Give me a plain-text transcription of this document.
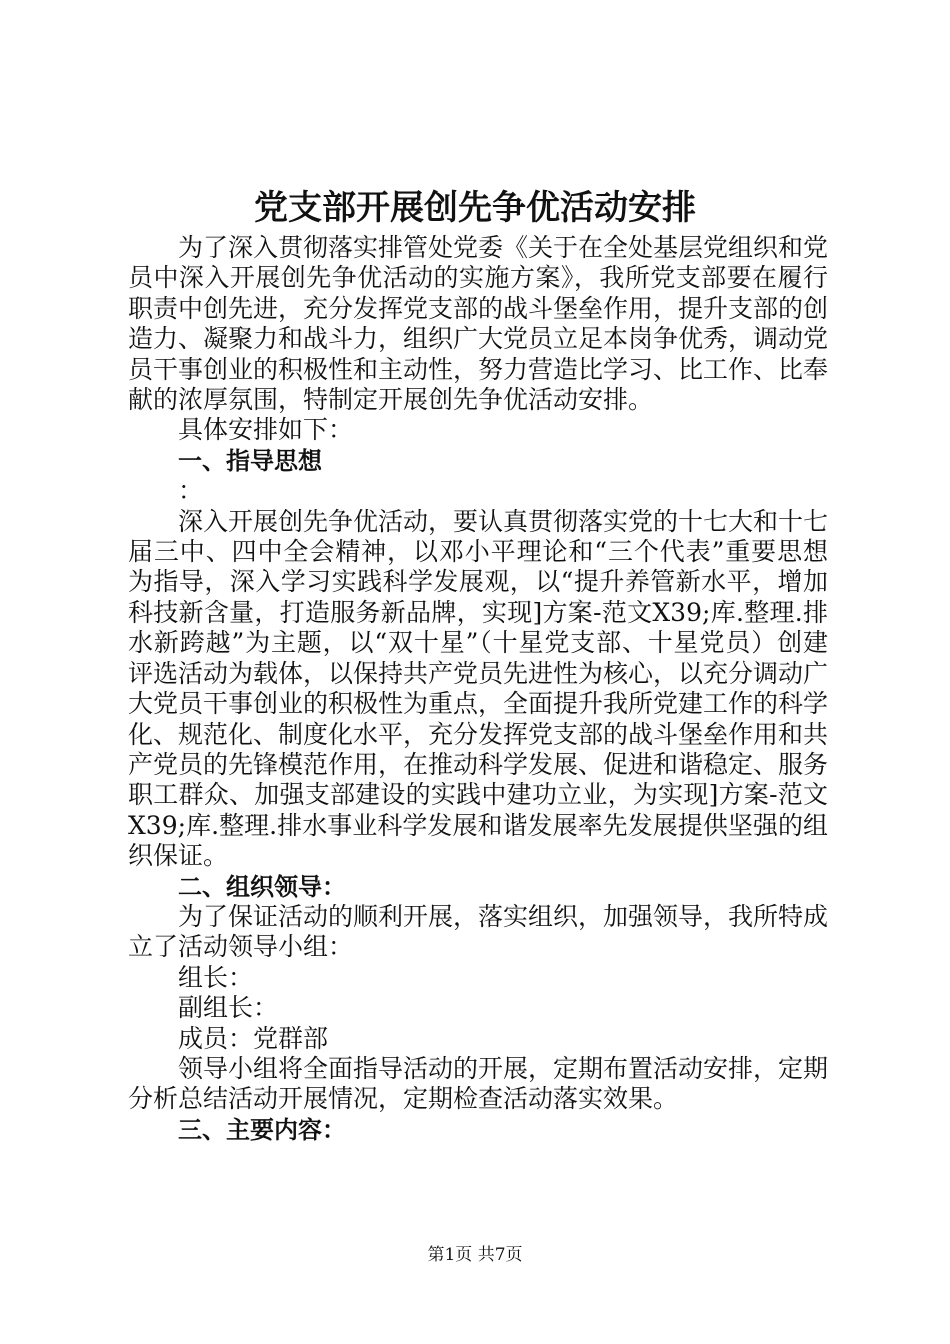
党支部开展创先争优活动安排

为了深入贯彻落实排管处党委《关于在全处基层党组织和党员中深入开展创先争优活动的实施方案》，我所党支部要在履行职责中创先进，充分发挥党支部的战斗堡垒作用，提升支部的创造力、凝聚力和战斗力，组织广大党员立足本岗争优秀，调动党员干事创业的积极性和主动性，努力营造比学习、比工作、比奉献的浓厚氛围，特制定开展创先争优活动安排。

具体安排如下：

一、指导思想

：

深入开展创先争优活动，要认真贯彻落实党的十七大和十七届三中、四中全会精神，以邓小平理论和“三个代表”重要思想为指导，深入学习实践科学发展观，以“提升养管新水平，增加科技新含量，打造服务新品牌，实现]方案-范文X39;库.整理.排水新跨越”为主题，以“双十星”（十星党支部、十星党员）创建评选活动为载体，以保持共产党员先进性为核心，以充分调动广大党员干事创业的积极性为重点，全面提升我所党建工作的科学化、规范化、制度化水平，充分发挥党支部的战斗堡垒作用和共产党员的先锋模范作用，在推动科学发展、促进和谐稳定、服务职工群众、加强支部建设的实践中建功立业，为实现]方案-范文X39;库.整理.排水事业科学发展和谐发展率先发展提供坚强的组织保证。

二、组织领导：

为了保证活动的顺利开展，落实组织，加强领导，我所特成立了活动领导小组：

组长：

副组长：

成员：党群部

领导小组将全面指导活动的开展，定期布置活动安排，定期分析总结活动开展情况，定期检查活动落实效果。

三、主要内容：
第1页 共7页
